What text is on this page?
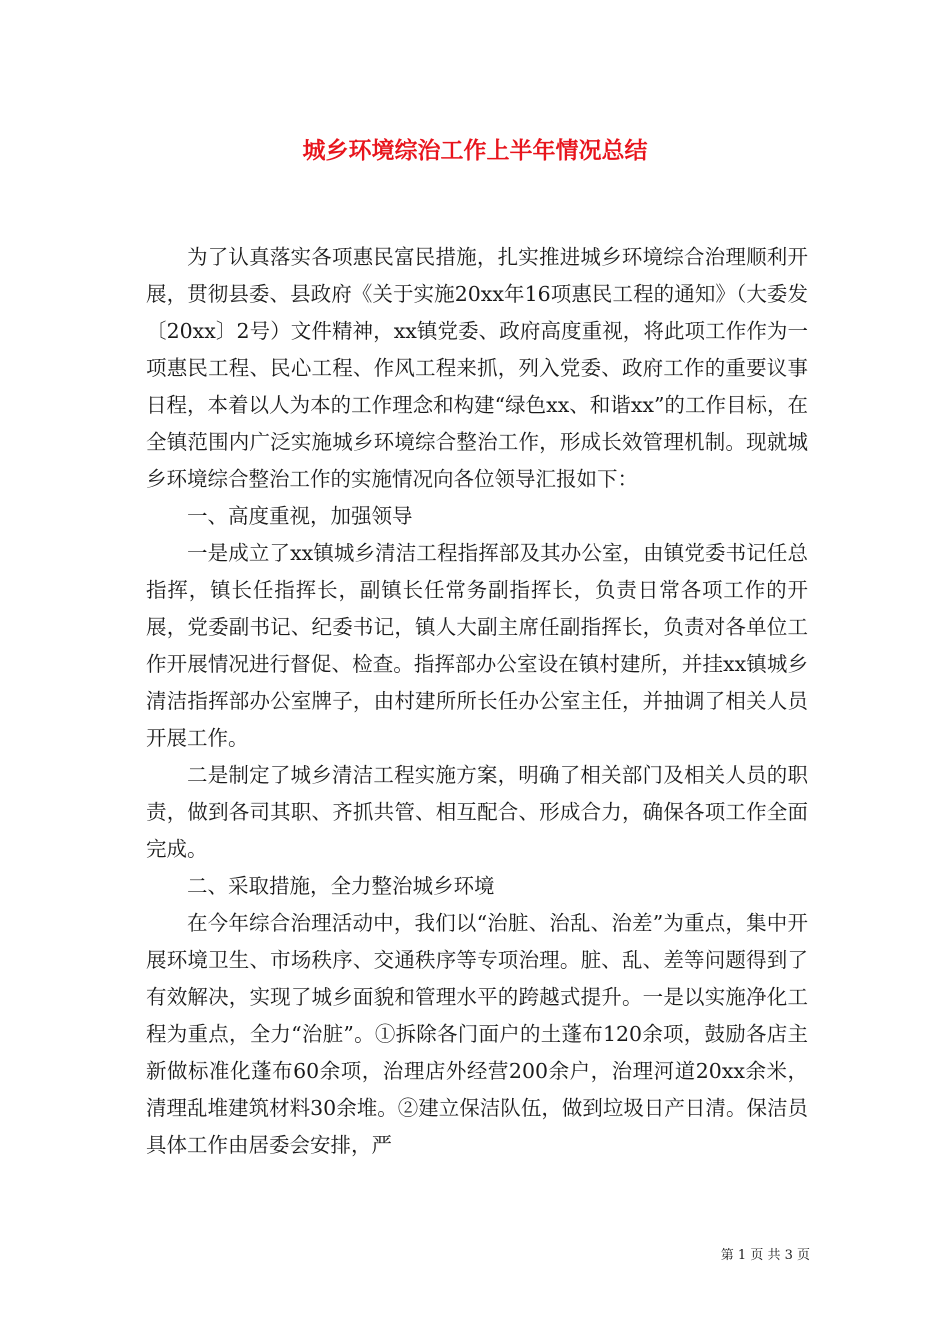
城乡环境综治工作上半年情况总结

为了认真落实各项惠民富民措施，扎实推进城乡环境综合治理顺利开展，贯彻县委、县政府《关于实施20xx年16项惠民工程的通知》（大委发〔20xx〕2号）文件精神，xx镇党委、政府高度重视，将此项工作作为一项惠民工程、民心工程、作风工程来抓，列入党委、政府工作的重要议事日程，本着以人为本的工作理念和构建“绿色xx、和谐xx”的工作目标，在全镇范围内广泛实施城乡环境综合整治工作，形成长效管理机制。现就城乡环境综合整治工作的实施情况向各位领导汇报如下：

一、高度重视，加强领导

一是成立了xx镇城乡清洁工程指挥部及其办公室，由镇党委书记任总指挥，镇长任指挥长，副镇长任常务副指挥长，负责日常各项工作的开展，党委副书记、纪委书记，镇人大副主席任副指挥长，负责对各单位工作开展情况进行督促、检查。指挥部办公室设在镇村建所，并挂xx镇城乡清洁指挥部办公室牌子，由村建所所长任办公室主任，并抽调了相关人员开展工作。

二是制定了城乡清洁工程实施方案，明确了相关部门及相关人员的职责，做到各司其职、齐抓共管、相互配合、形成合力，确保各项工作全面完成。

二、采取措施，全力整治城乡环境

在今年综合治理活动中，我们以“治脏、治乱、治差”为重点，集中开展环境卫生、市场秩序、交通秩序等专项治理。脏、乱、差等问题得到了有效解决，实现了城乡面貌和管理水平的跨越式提升。一是以实施净化工程为重点，全力“治脏”。①拆除各门面户的土蓬布120余项，鼓励各店主新做标准化蓬布60余项，治理店外经营200余户，治理河道20xx余米，清理乱堆建筑材料30余堆。②建立保洁队伍，做到垃圾日产日清。保洁员具体工作由居委会安排，严

第 1 页 共 3 页
